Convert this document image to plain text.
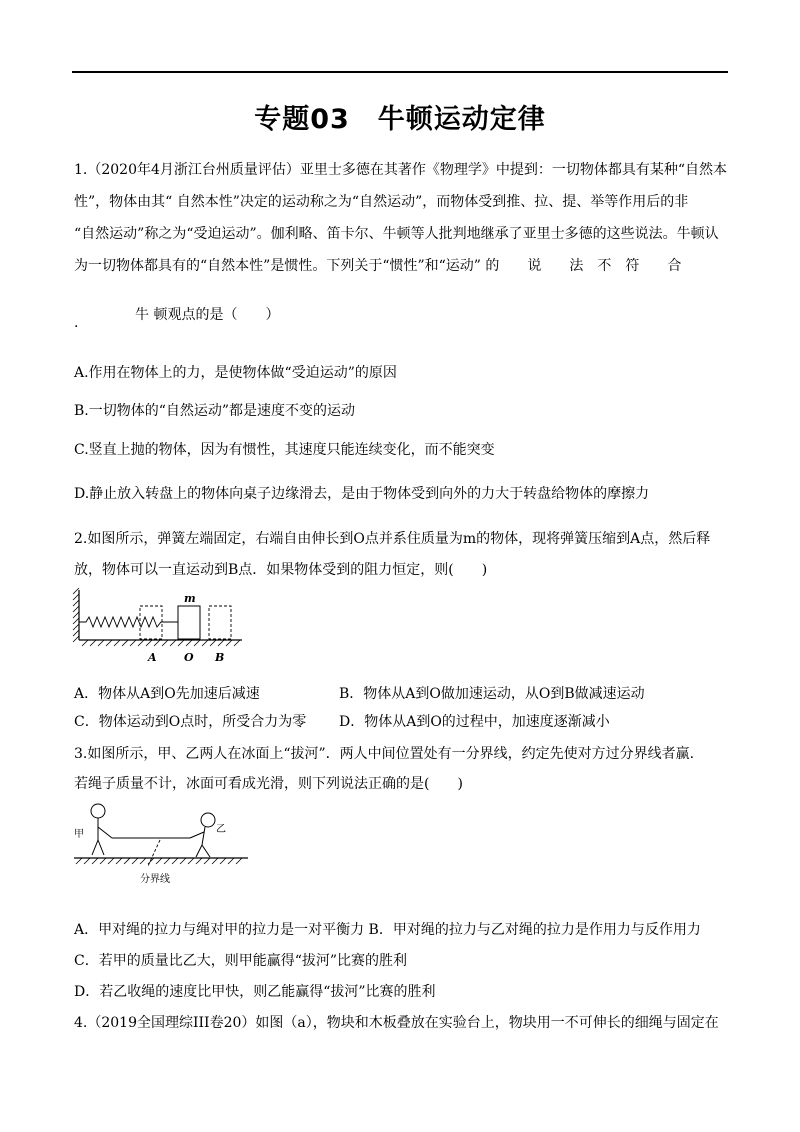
专题03　牛顿运动定律
1.（2020年4月浙江台州质量评估）亚里士多德在其著作《物理学》中提到：一切物体都具有某种“自然本
性”，物体由其“ 自然本性”决定的运动称之为“自然运动”，而物体受到推、拉、提、举等作用后的非
“自然运动”称之为“受迫运动”。伽利略、笛卡尔、牛顿等人批判地继承了亚里士多德的这些说法。牛顿认
为一切物体都具有的“自然本性”是惯性。下列关于“惯性”和“运动” 的　　说　　法　不　符　　合
.	牛 顿观点的是（　　）
A.作用在物体上的力，是使物体做“受迫运动”的原因
B.一切物体的“自然运动”都是速度不变的运动
C.竖直上抛的物体，因为有惯性，其速度只能连续变化，而不能突变
D.静止放入转盘上的物体向桌子边缘滑去，是由于物体受到向外的力大于转盘给物体的摩擦力
2.如图所示，弹簧左端固定，右端自由伸长到O点并系住质量为m的物体，现将弹簧压缩到A点，然后释
放，物体可以一直运动到B点．如果物体受到的阻力恒定，则(　　)
m
A O B
A．物体从A到O先加速后减速	B．物体从A到O做加速运动，从O到B做减速运动
C．物体运动到O点时，所受合力为零 D．物体从A到O的过程中，加速度逐渐减小
3.如图所示，甲、乙两人在冰面上“拔河”．两人中间位置处有一分界线，约定先使对方过分界线者赢.
若绳子质量不计，冰面可看成光滑，则下列说法正确的是(　　)
甲	乙
分界线
A．甲对绳的拉力与绳对甲的拉力是一对平衡力 B．甲对绳的拉力与乙对绳的拉力是作用力与反作用力
C．若甲的质量比乙大，则甲能赢得“拔河”比赛的胜利
D．若乙收绳的速度比甲快，则乙能赢得“拔河”比赛的胜利
4.（2019全国理综III卷20）如图（a），物块和木板叠放在实验台上，物块用一不可伸长的细绳与固定在
